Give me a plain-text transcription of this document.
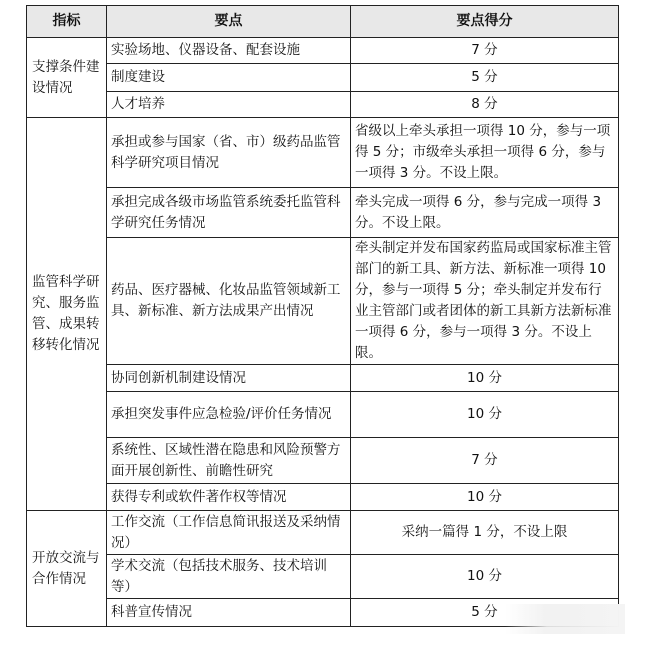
指标	要点	要点得分
支撑条件建设情况	实验场地、仪器设备、配套设施	7 分
	制度建设	5 分
	人才培养	8 分
监管科学研究、服务监管、成果转移转化情况	承担或参与国家（省、市）级药品监管科学研究项目情况	省级以上牵头承担一项得 10 分，参与一项得 5 分；市级牵头承担一项得 6 分，参与一项得 3 分。不设上限。
	承担完成各级市场监管系统委托监管科学研究任务情况	牵头完成一项得 6 分，参与完成一项得 3 分。不设上限。
	药品、医疗器械、化妆品监管领域新工具、新标准、新方法成果产出情况	牵头制定并发布国家药监局或国家标准主管部门的新工具、新方法、新标准一项得 10 分，参与一项得 5 分；牵头制定并发布行业主管部门或者团体的新工具新方法新标准一项得 6 分，参与一项得 3 分。不设上限。
	协同创新机制建设情况	10 分
	承担突发事件应急检验/评价任务情况	10 分
	系统性、区域性潜在隐患和风险预警方面开展创新性、前瞻性研究	7 分
	获得专利或软件著作权等情况	10 分
开放交流与合作情况	工作交流（工作信息简讯报送及采纳情况）	采纳一篇得 1 分，不设上限
	学术交流（包括技术服务、技术培训等）	10 分
	科普宣传情况	5 分
